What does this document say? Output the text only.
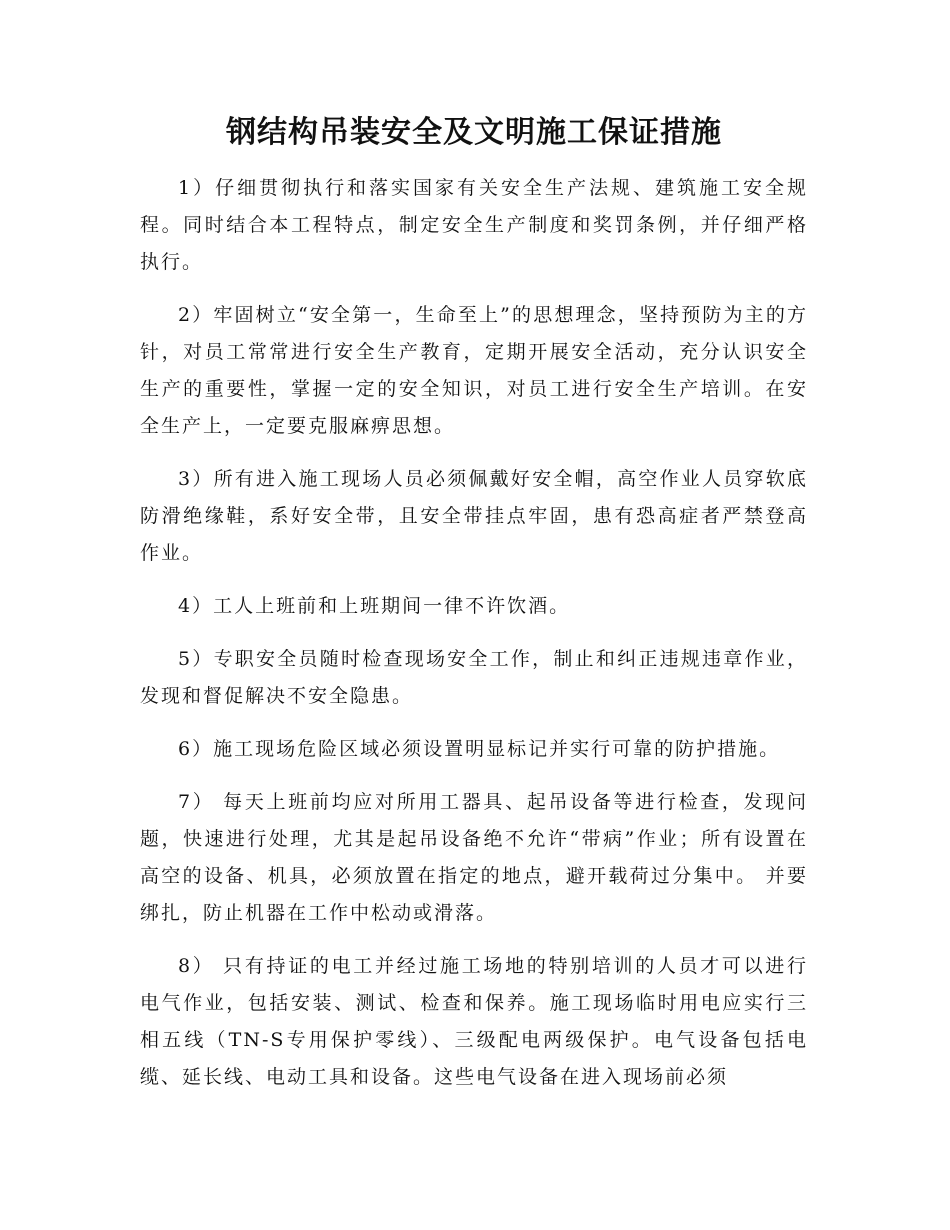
钢结构吊装安全及文明施工保证措施

1）仔细贯彻执行和落实国家有关安全生产法规、建筑施工安全规程。同时结合本工程特点，制定安全生产制度和奖罚条例，并仔细严格执行。

2）牢固树立“安全第一，生命至上”的思想理念，坚持预防为主的方针，对员工常常进行安全生产教育，定期开展安全活动，充分认识安全生产的重要性，掌握一定的安全知识，对员工进行安全生产培训。在安全生产上，一定要克服麻痹思想。

3）所有进入施工现场人员必须佩戴好安全帽，高空作业人员穿软底防滑绝缘鞋，系好安全带，且安全带挂点牢固，患有恐高症者严禁登高作业。

4）工人上班前和上班期间一律不许饮酒。

5）专职安全员随时检查现场安全工作，制止和纠正违规违章作业，发现和督促解决不安全隐患。

6）施工现场危险区域必须设置明显标记并实行可靠的防护措施。

7） 每天上班前均应对所用工器具、起吊设备等进行检查，发现问题，快速进行处理，尤其是起吊设备绝不允许“带病”作业；所有设置在高空的设备、机具，必须放置在指定的地点，避开载荷过分集中。 并要绑扎，防止机器在工作中松动或滑落。

8） 只有持证的电工并经过施工场地的特别培训的人员才可以进行电气作业，包括安装、测试、检查和保养。施工现场临时用电应实行三相五线（TN-S专用保护零线）、三级配电两级保护。电气设备包括电缆、延长线、电动工具和设备。这些电气设备在进入现场前必须
